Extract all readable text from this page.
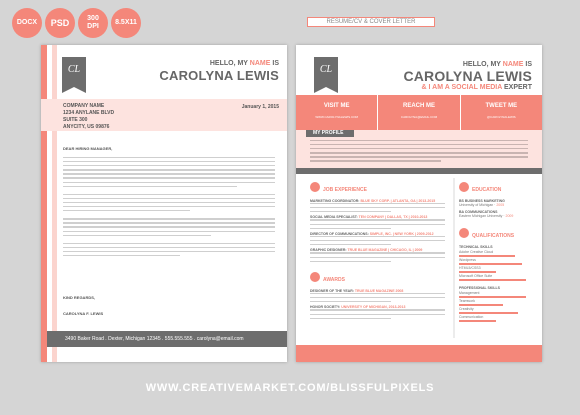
DOCX	PSD	300 DPI
8.5X11	RESUME/CV & COVER LETTER
CL
HELLO, MY NAME IS
CAROLYNA LEWIS
COMPANY NAME
1234 ANYLANE BLVD
SUITE 300
ANYCITY, US 09876
January 1, 2015
DEAR HIRING MANAGER,
KIND REGARDS,
CAROLYNA F. LEWIS
3490 Baker Road . Dexter, Michigan 12345 . 555.555.555 . carolyna@email.com
CL	HELLO, MY NAME IS
CAROLYNA LEWIS
& I AM A SOCIAL MEDIA EXPERT
VISIT ME
WWW.CAROLYNALEWIS.COM
REACH ME
CAROLYNA@EMAIL.COM
TWEET ME
@CAROLYNALEWIS
MY PROFILE
JOB EXPERIENCE
MARKETING COORDINATOR: BLUE SKY CORP. | ATLANTA, GA | 2013-2015
SOCIAL MEDIA SPECIALIST: TEN COMPANY | DALLAS, TX | 2010-2013
DIRECTOR OF COMMUNICATIONS: SIMPLE, INC. | NEW YORK | 2009-2012
GRAPHIC DESIGNER: TRUE BLUE MAGAZINE | CHICAGO, IL | 2009
AWARDS
DESIGNER OF THE YEAR: TRUE BLUE MAGAZINE 2008
HONOR SOCIETY: UNIVERSITY OF MICHIGAN, 2013-2013
EDUCATION
BS BUSINESS MARKETING
University of Michigan · 2005
BA COMMUNICATIONS
Eastern Michigan University · 2009
QUALIFICATIONS
TECHNICAL SKILLS
Adobe Creative Cloud
Wordpress
HTML5/CSS3
Microsoft Office Suite
PROFESSIONAL SKILLS
Management
Teamwork
Creativity
Communication
WWW.CREATIVEMARKET.COM/BLISSFULPIXELS
